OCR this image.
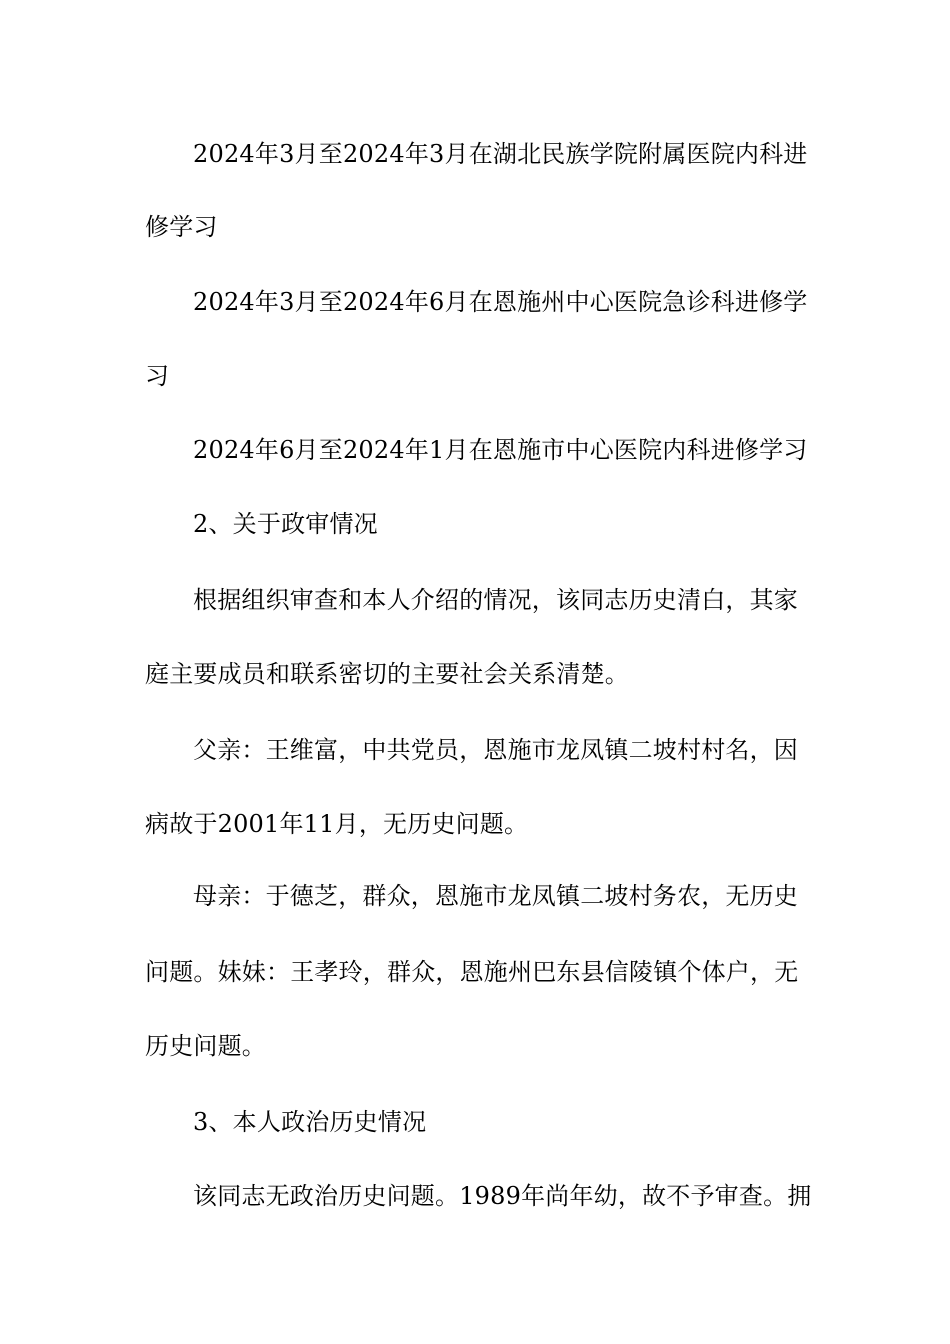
2024年3月至2024年3月在湖北民族学院附属医院内科进
修学习
2024年3月至2024年6月在恩施州中心医院急诊科进修学
习
2024年6月至2024年1月在恩施市中心医院内科进修学习
2、关于政审情况
根据组织审查和本人介绍的情况，该同志历史清白，其家
庭主要成员和联系密切的主要社会关系清楚。
父亲：王维富，中共党员，恩施市龙凤镇二坡村村名，因
病故于2001年11月，无历史问题。
母亲：于德芝，群众，恩施市龙凤镇二坡村务农，无历史
问题。妹妹：王孝玲，群众，恩施州巴东县信陵镇个体户，无
历史问题。
3、本人政治历史情况
该同志无政治历史问题。1989年尚年幼，故不予审查。拥
